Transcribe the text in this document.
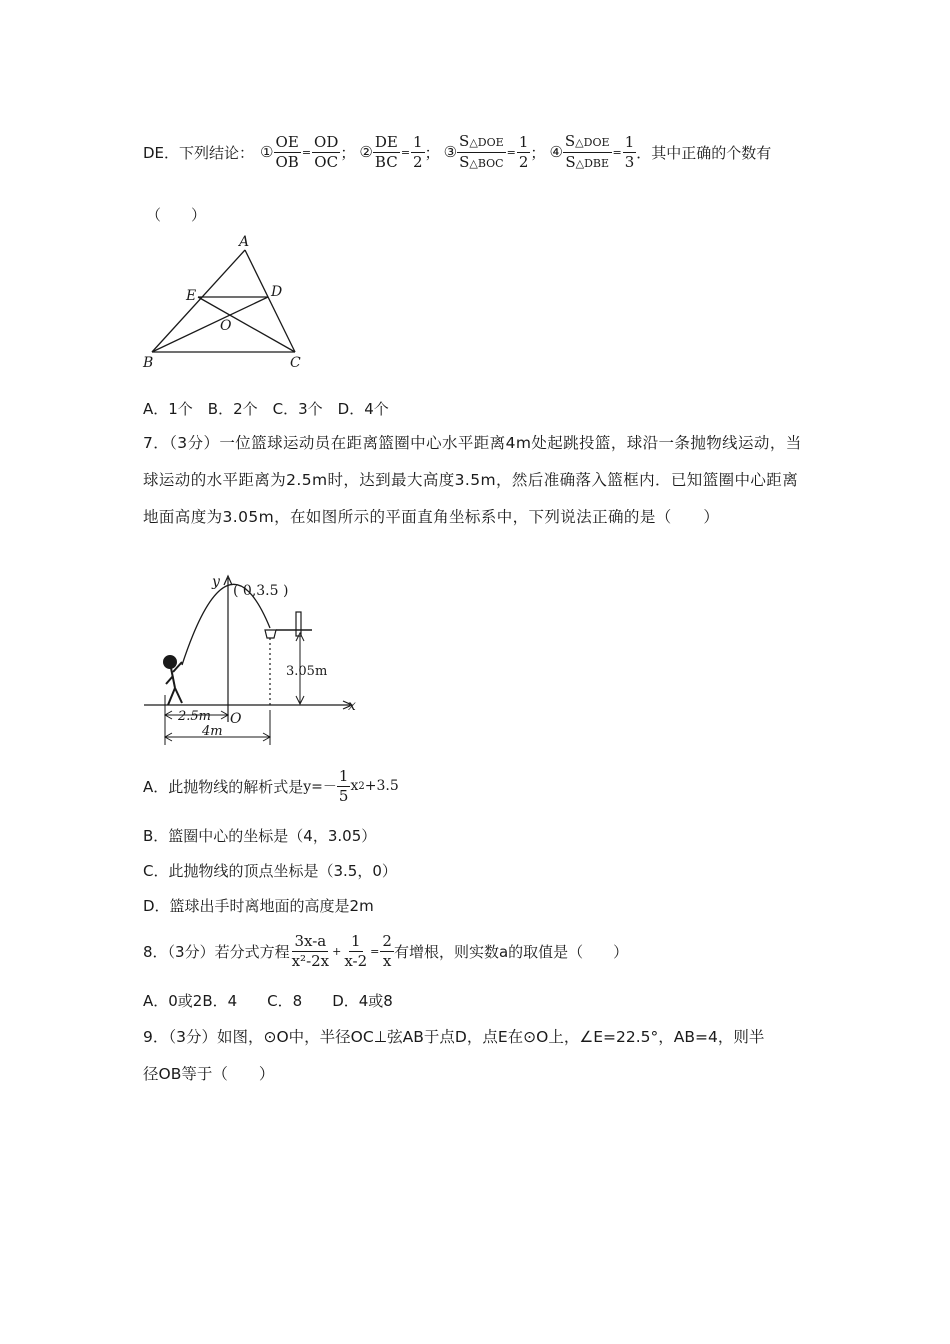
DE．下列结论： ① $\frac{OE}{OB} = \frac{OD}{OC}$ ； ② $\frac{DE}{BC} = \frac{1}{2}$ ； ③ $\frac{\text{S△DOE}}{\text{S△BOC}} = \frac{1}{2}$ ； ④ $\frac{\text{S△DOE}}{\text{S△DBE}} = \frac{1}{3}$ ．其中正确的个数有
（　　）
A
E	D
O
B	C
A．1个　B．2个　C．3个　D．4个
7．（3分）一位篮球运动员在距离篮圈中心水平距离4m处起跳投篮，球沿一条抛物线运动，当球运动的水平距离为2.5m时，达到最大高度3.5m，然后准确落入篮框内．已知篮圈中心距离地面高度为3.05m，在如图所示的平面直角坐标系中，下列说法正确的是（　　）
y
( 0,3.5 )
3.05m
x
2.5m O
4m
A．此抛物线的解析式是 $y=- \frac{1}{5}$ x 2 +3.5
B．篮圈中心的坐标是（4，3.05）
C．此抛物线的顶点坐标是（3.5，0）
D．篮球出手时离地面的高度是2m
8．（3分）若分式方程 $\frac{3x-a}{\text{x²-2x}} + \frac{1}{x-2} = \frac{2}{x}$ 有增根，则实数a的取值是（　　）
A．0或2B．4　　C．8　　D．4或8
9．（3分）如图，⊙O中，半径OC⊥弦AB于点D，点E在⊙O上，∠E=22.5°，AB=4，则半
径OB等于（　　）
